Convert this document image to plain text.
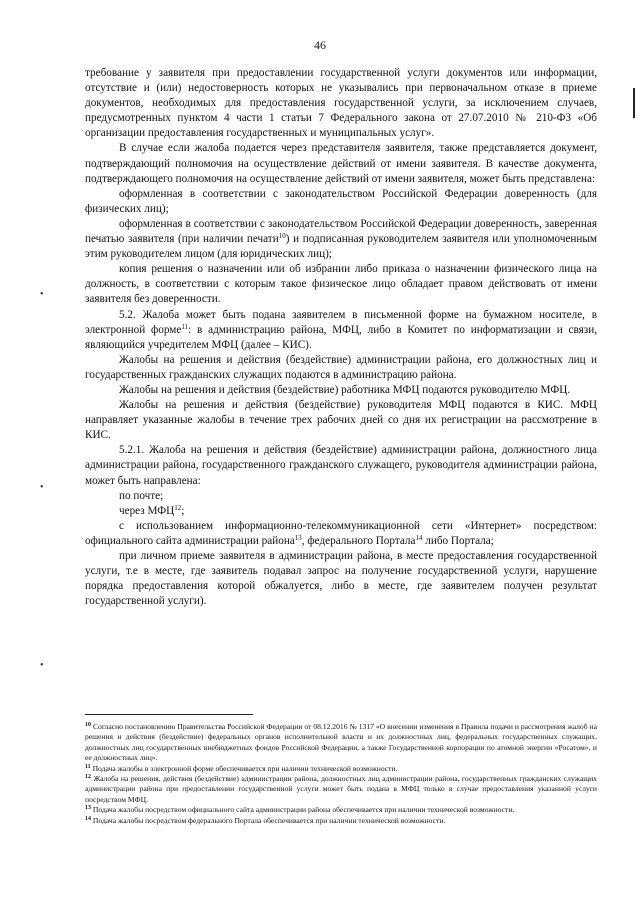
46
•
•
•

требование у заявителя при предоставлении государственной услуги документов или информации, отсутствие и (или) недостоверность которых не указывались при первоначальном отказе в приеме документов, необходимых для предоставления государственной услуги, за исключением случаев, предусмотренных пунктом 4 части 1 статьи 7 Федерального закона от 27.07.2010 № 210-ФЗ «Об организации предоставления государственных и муниципальных услуг».

В случае если жалоба подается через представителя заявителя, также представляется документ, подтверждающий полномочия на осуществление действий от имени заявителя. В качестве документа, подтверждающего полномочия на осуществление действий от имени заявителя, может быть представлена:

оформленная в соответствии с законодательством Российской Федерации доверенность (для физических лиц);

оформленная в соответствии с законодательством Российской Федерации доверенность, заверенная печатью заявителя (при наличии печати$^{10}$) и подписанная руководителем заявителя или уполномоченным этим руководителем лицом (для юридических лиц);

копия решения о назначении или об избрании либо приказа о назначении физического лица на должность, в соответствии с которым такое физическое лицо обладает правом действовать от имени заявителя без доверенности.

5.2. Жалоба может быть подана заявителем в письменной форме на бумажном носителе, в электронной форме$^{11}$: в администрацию района, МФЦ, либо в Комитет по информатизации и связи, являющийся учредителем МФЦ (далее – КИС).

Жалобы на решения и действия (бездействие) администрации района, его должностных лиц и государственных гражданских служащих подаются в администрацию района.

Жалобы на решения и действия (бездействие) работника МФЦ подаются руководителю МФЦ.

Жалобы на решения и действия (бездействие) руководителя МФЦ подаются в КИС. МФЦ направляет указанные жалобы в течение трех рабочих дней со дня их регистрации на рассмотрение в КИС.

5.2.1. Жалоба на решения и действия (бездействие) администрации района, должностного лица администрации района, государственного гражданского служащего, руководителя администрации района, может быть направлена:

по почте;

через МФЦ$^{12}$;

с использованием информационно-телекоммуникационной сети «Интернет» посредством: официального сайта администрации района$^{13}$, федерального Портала$^{14}$ либо Портала;

при личном приеме заявителя в администрации района, в месте предоставления государственной услуги, т.е в месте, где заявитель подавал запрос на получение государственной услуги, нарушение порядка предоставления которой обжалуется, либо в месте, где заявителем получен результат государственной услуги).

$^{10}$ Согласно постановлению Правительства Российской Федерации от 08.12.2016 № 1317 «О внесении изменения в Правила подачи и рассмотрения жалоб на решения и действия (бездействие) федеральных органов исполнительной власти и их должностных лиц, федеральных государственных служащих, должностных лиц государственных внебюджетных фондов Российской Федерации, а также Государственной корпорации по атомной энергии «Росатом», и ее должностных лиц».

$^{11}$ Подача жалобы в электронной форме обеспечивается при наличии технической возможности.

$^{12}$ Жалоба на решения, действия (бездействие) администрации района, должностных лиц администрации района, государственных гражданских служащих администрации района при предоставлении государственной услуги может быть подана в МФЦ только в случае предоставления указанной услуги посредством МФЦ.

$^{13}$ Подача жалобы посредством официального сайта администрации района обеспечивается при наличии технической возможности.

$^{14}$ Подача жалобы посредством федерального Портала обеспечивается при наличии технической возможности.
